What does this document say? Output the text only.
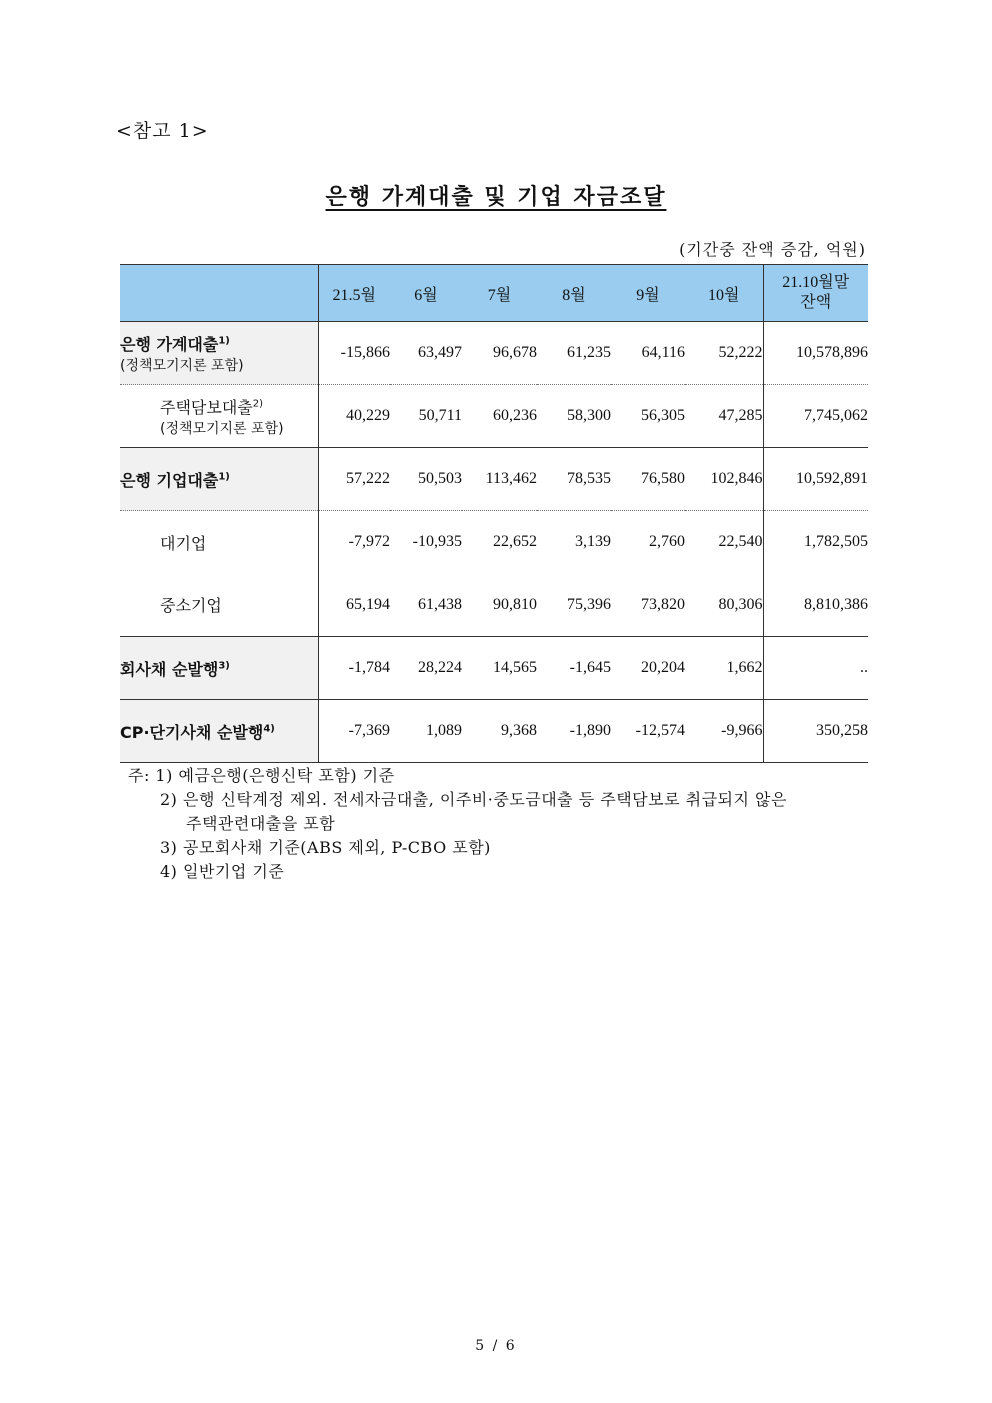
<참고 1>
은행 가계대출 및 기업 자금조달
(기간중 잔액 증감, 억원)
	21.5월	6월	7월	8월	9월	10월	21.10월말
잔액
은행 가계대출$^{1)}$
(정책모기지론 포함)	-15,866	63,497	96,678	61,235	64,116	52,222	10,578,896
주택담보대출$^{2)}$
(정책모기지론 포함)	40,229	50,711	60,236	58,300	56,305	47,285	7,745,062
은행 기업대출$^{1)}$	57,222	50,503	113,462	78,535	76,580	102,846	10,592,891
대기업	-7,972	-10,935	22,652	3,139	2,760	22,540	1,782,505
중소기업	65,194	61,438	90,810	75,396	73,820	80,306	8,810,386
회사채 순발행$^{3)}$	-1,784	28,224	14,565	-1,645	20,204	1,662	..
CP·단기사채 순발행$^{4)}$	-7,369	1,089	9,368	-1,890	-12,574	-9,966	350,258
주: 1) 예금은행(은행신탁 포함) 기준
2) 은행 신탁계정 제외. 전세자금대출, 이주비·중도금대출 등 주택담보로 취급되지 않은
주택관련대출을 포함
3) 공모회사채 기준(ABS 제외, P-CBO 포함)
4) 일반기업 기준
5 / 6
